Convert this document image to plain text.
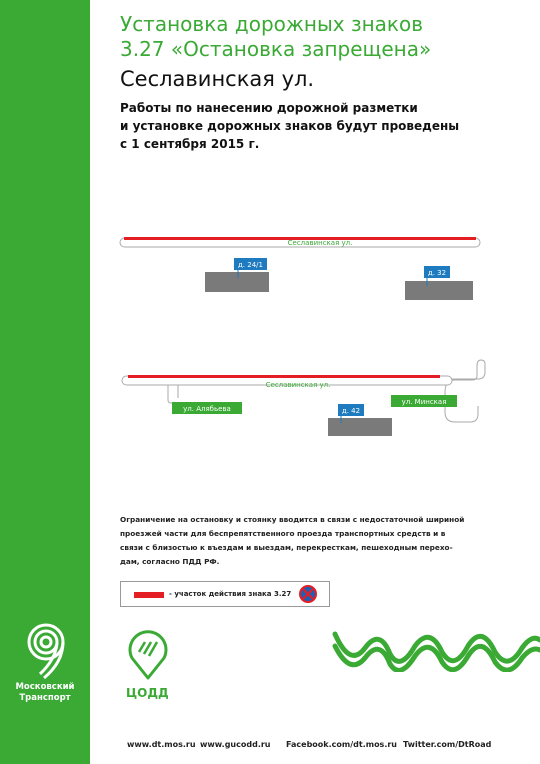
Московский
Транспорт
Установка дорожных знаков
3.27 «Остановка запрещена»
Сеславинская ул.
Работы по нанесению дорожной разметки
и установке дорожных знаков будут проведены
с 1 сентября 2015 г.
Сеславинская ул.
д. 24/1
д. 32
Сеславинская ул.
ул. Алябьева
ул. Минская
д. 42
Ограничение на остановку и стоянку вводится в связи с недостаточной шириной
проезжей части для беспрепятственного проезда транспортных средств и в
связи с близостью к въездам и выездам, перекресткам, пешеходным перехо-
дам, согласно ПДД РФ.
- участок действия знака 3.27
ЦОДД
www.dt.mos.ru www.gucodd.ru Facebook.com/dt.mos.ru Twitter.com/DtRoad
